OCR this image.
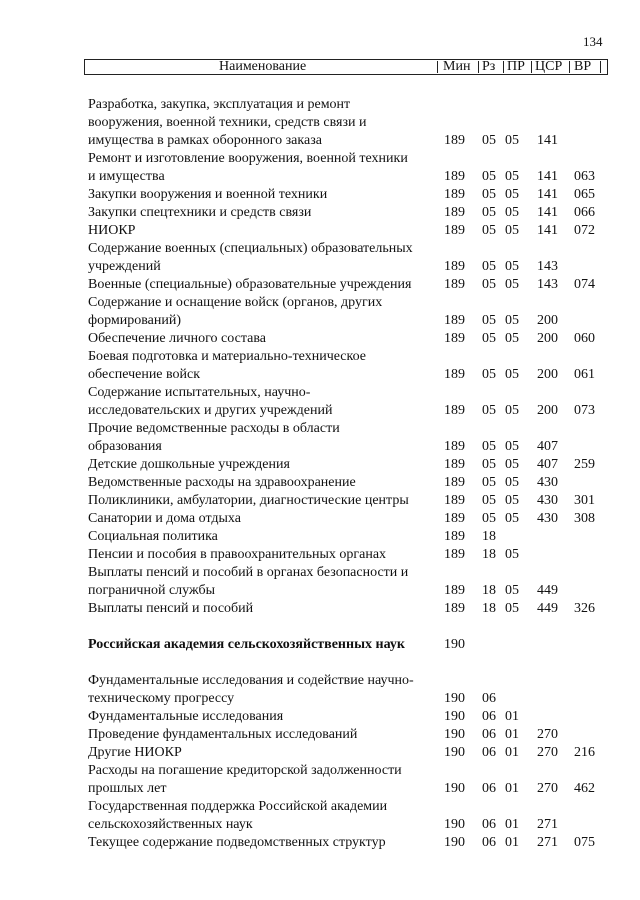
134
Наименование	Мин Рз ПР ЦСР ВР
Разработка, закупка, эксплуатация и ремонт
вооружения, военной техники, средств связи и
имущества в рамках оборонного заказа	189 05 05 141
Ремонт и изготовление вооружения, военной техники
и имущества	189 05 05 141 063
Закупки вооружения и военной техники	189 05 05 141 065
Закупки спецтехники и средств связи	189 05 05 141 066
НИОКР	189 05 05 141 072
Содержание военных (специальных) образовательных
учреждений	189 05 05 143
Военные (специальные) образовательные учреждения	189 05 05 143 074
Содержание и оснащение войск (органов, других
формирований)	189 05 05 200
Обеспечение личного состава	189 05 05 200 060
Боевая подготовка и материально-техническое
обеспечение войск	189 05 05 200 061
Содержание испытательных, научно-
исследовательских и других учреждений	189 05 05 200 073
Прочие ведомственные расходы в области
образования	189 05 05 407
Детские дошкольные учреждения	189 05 05 407 259
Ведомственные расходы на здравоохранение	189 05 05 430
Поликлиники, амбулатории, диагностические центры	189 05 05 430 301
Санатории и дома отдыха	189 05 05 430 308
Социальная политика	189 18
Пенсии и пособия в правоохранительных органах	189 18 05
Выплаты пенсий и пособий в органах безопасности и
пограничной службы	189 18 05 449
Выплаты пенсий и пособий	189 18 05 449 326
Российская академия сельскохозяйственных наук	190
Фундаментальные исследования и содействие научно-
техническому прогрессу	190 06
Фундаментальные исследования	190 06 01
Проведение фундаментальных исследований	190 06 01 270
Другие НИОКР	190 06 01 270 216
Расходы на погашение кредиторской задолженности
прошлых лет	190 06 01 270 462
Государственная поддержка Российской академии
сельскохозяйственных наук	190 06 01 271
Текущее содержание подведомственных структур	190 06 01 271 075
